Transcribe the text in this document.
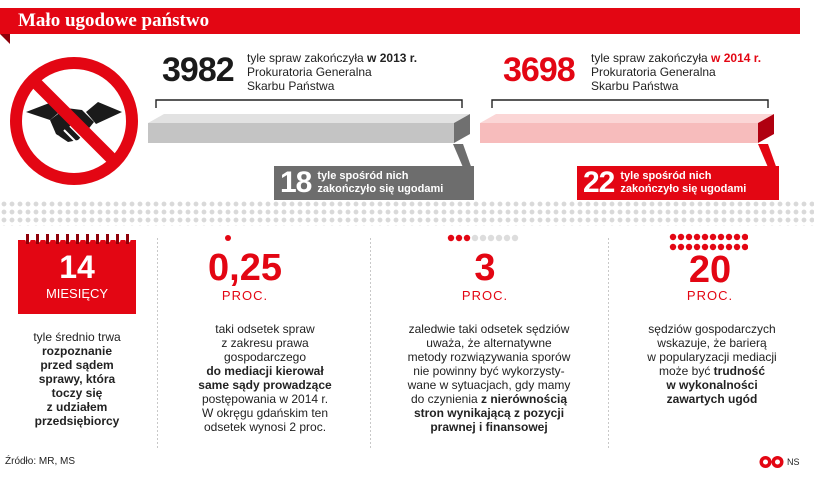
Mało ugodowe państwo
3982 tyle spraw zakończyła w 2013 r.
Prokuratoria Generalna
Skarbu Państwa
18 tyle spośród nich
zakończyło się ugodami
3698 tyle spraw zakończyła w 2014 r.
Prokuratoria Generalna
Skarbu Państwa
22 tyle spośród nich
zakończyło się ugodami
14
MIESIĘCY
tyle średnio trwa
rozpoznanie
przed sądem
sprawy, która
toczy się
z udziałem
przedsiębiorcy
0,25
PROC.
taki odsetek spraw
z zakresu prawa
gospodarczego
do mediacji kierował
same sądy prowadzące
postępowania w 2014 r.
W okręgu gdańskim ten
odsetek wynosi 2 proc.
3
PROC.
zaledwie taki odsetek sędziów
uważa, że alternatywne
metody rozwiązywania sporów
nie powinny być wykorzysty-
wane w sytuacjach, gdy mamy
do czynienia z nierównością
stron wynikającą z pozycji
prawnej i finansowej
20
PROC.
sędziów gospodarczych
wskazuje, że barierą
w popularyzacji mediacji
może być trudność
w wykonalności
zawartych ugód
Źródło: MR, MS	NS
